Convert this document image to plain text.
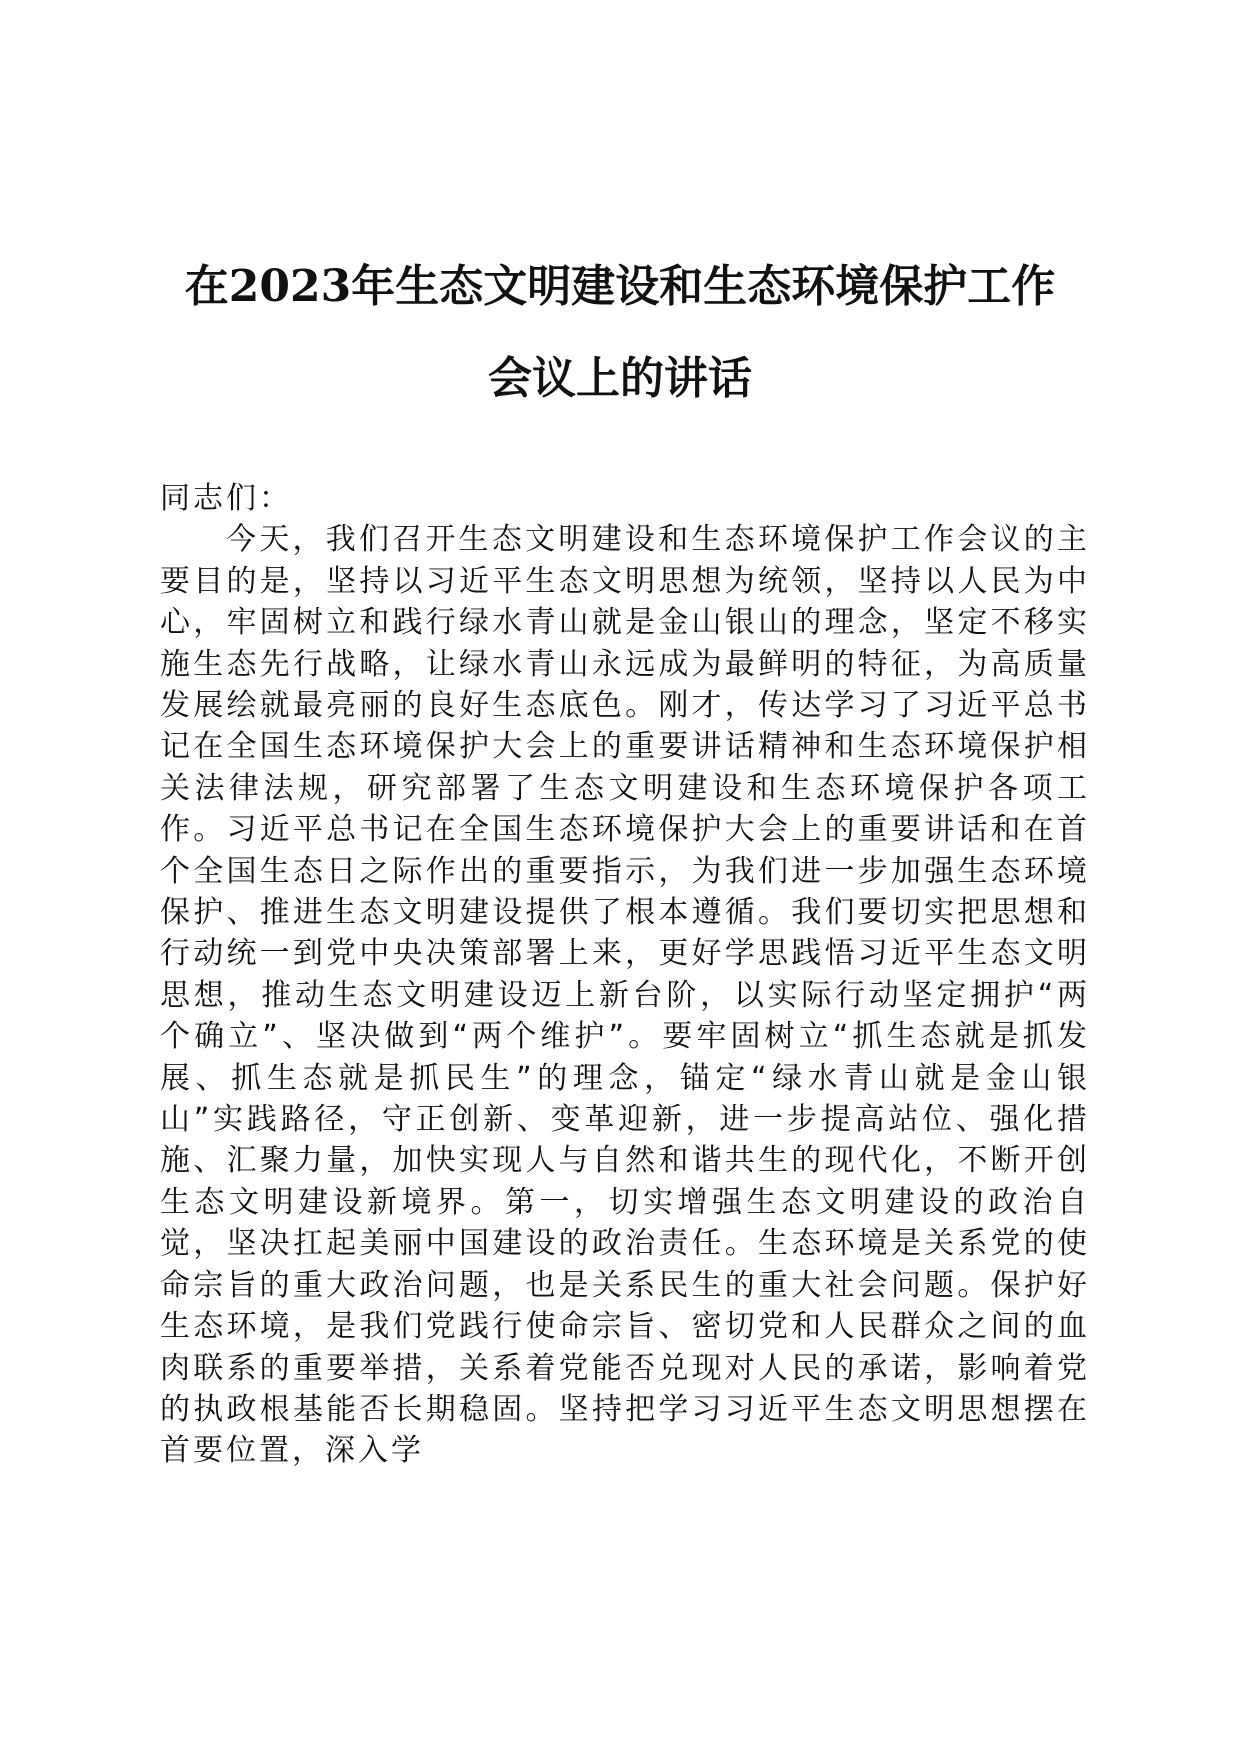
在2023年生态文明建设和生态环境保护工作
会议上的讲话

同志们：

今天，我们召开生态文明建设和生态环境保护工作会议的主要目的是，坚持以习近平生态文明思想为统领，坚持以人民为中心，牢固树立和践行绿水青山就是金山银山的理念，坚定不移实施生态先行战略，让绿水青山永远成为最鲜明的特征，为高质量发展绘就最亮丽的良好生态底色。刚才，传达学习了习近平总书记在全国生态环境保护大会上的重要讲话精神和生态环境保护相关法律法规，研究部署了生态文明建设和生态环境保护各项工作。习近平总书记在全国生态环境保护大会上的重要讲话和在首个全国生态日之际作出的重要指示，为我们进一步加强生态环境保护、推进生态文明建设提供了根本遵循。我们要切实把思想和行动统一到党中央决策部署上来，更好学思践悟习近平生态文明思想，推动生态文明建设迈上新台阶，以实际行动坚定拥护“两个确立”、坚决做到“两个维护”。要牢固树立“抓生态就是抓发展、抓生态就是抓民生”的理念，锚定“绿水青山就是金山银山”实践路径，守正创新、变革迎新，进一步提高站位、强化措施、汇聚力量，加快实现人与自然和谐共生的现代化，不断开创生态文明建设新境界。第一，切实增强生态文明建设的政治自觉，坚决扛起美丽中国建设的政治责任。生态环境是关系党的使命宗旨的重大政治问题，也是关系民生的重大社会问题。保护好生态环境，是我们党践行使命宗旨、密切党和人民群众之间的血肉联系的重要举措，关系着党能否兑现对人民的承诺，影响着党的执政根基能否长期稳固。坚持把学习习近平生态文明思想摆在首要位置，深入学
